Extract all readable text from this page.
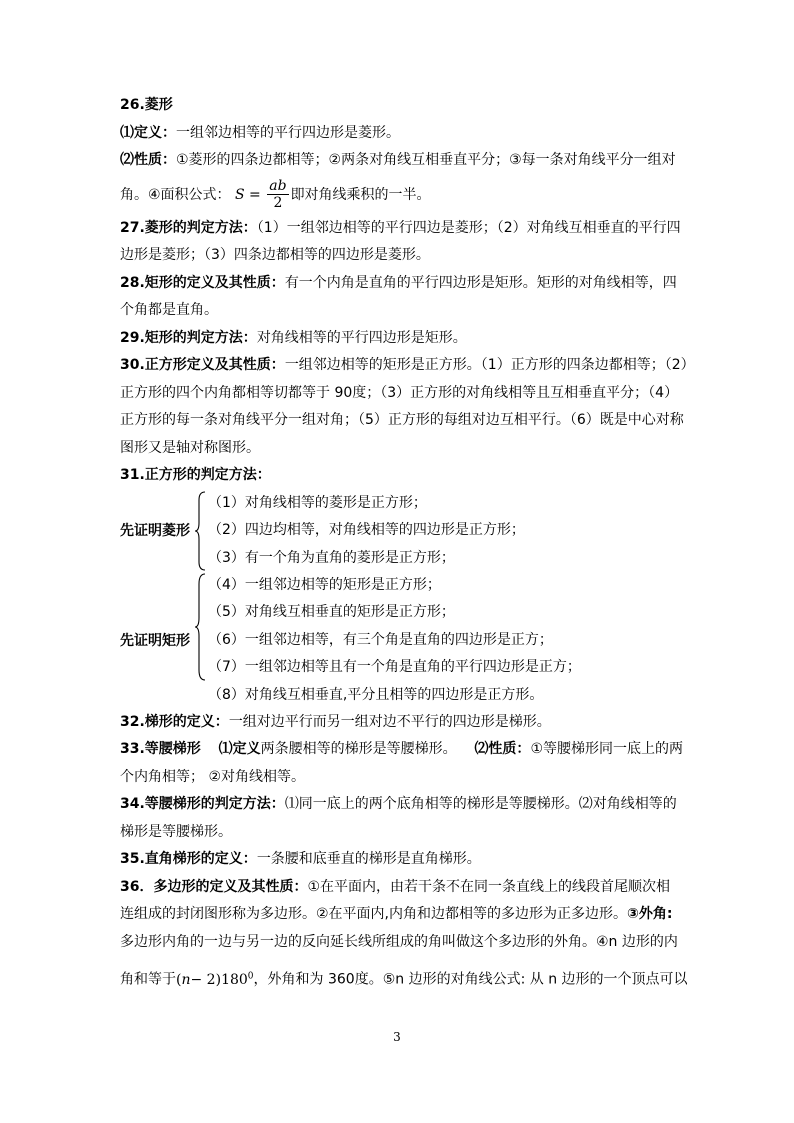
26.菱形
⑴定义：一组邻边相等的平行四边形是菱形。
⑵性质：①菱形的四条边都相等；②两条对角线互相垂直平分；③每一条对角线平分一组对
角。④面积公式： $S = \frac{ab}{2}$ 即对角线乘积的一半。
27.菱形的判定方法：（1）一组邻边相等的平行四边是菱形；（2）对角线互相垂直的平行四
边形是菱形；（3）四条边都相等的四边形是菱形。
28.矩形的定义及其性质：有一个内角是直角的平行四边形是矩形。矩形的对角线相等，四
个角都是直角。
29.矩形的判定方法：对角线相等的平行四边形是矩形。
30.正方形定义及其性质：一组邻边相等的矩形是正方形。（1）正方形的四条边都相等；（2）
正方形的四个内角都相等切都等于 90度；（3）正方形的对角线相等且互相垂直平分；（4）
正方形的每一条对角线平分一组对角；（5）正方形的每组对边互相平行。（6）既是中心对称
图形又是轴对称图形。
31.正方形的判定方法：
先证明菱形
（1）对角线相等的菱形是正方形；
（2）四边均相等，对角线相等的四边形是正方形；
（3）有一个角为直角的菱形是正方形；
先证明矩形
（4）一组邻边相等的矩形是正方形；
（5）对角线互相垂直的矩形是正方形；
（6）一组邻边相等，有三个角是直角的四边形是正方；
（7）一组邻边相等且有一个角是直角的平行四边形是正方；
（8）对角线互相垂直,平分且相等的四边形是正方形。
32.梯形的定义：一组对边平行而另一组对边不平行的四边形是梯形。
33.等腰梯形 ⑴定义两条腰相等的梯形是等腰梯形。 ⑵性质：①等腰梯形同一底上的两
个内角相等； ②对角线相等。
34.等腰梯形的判定方法：⑴同一底上的两个底角相等的梯形是等腰梯形。⑵对角线相等的
梯形是等腰梯形。
35.直角梯形的定义：一条腰和底垂直的梯形是直角梯形。
36．多边形的定义及其性质：①在平面内，由若干条不在同一条直线上的线段首尾顺次相
连组成的封闭图形称为多边形。②在平面内,内角和边都相等的多边形为正多边形。③外角:
多边形内角的一边与另一边的反向延长线所组成的角叫做这个多边形的外角。④n 边形的内
角和等于$(n- 2)180^0$，外角和为 360度。⑤n 边形的对角线公式: 从 n 边形的一个顶点可以
3
